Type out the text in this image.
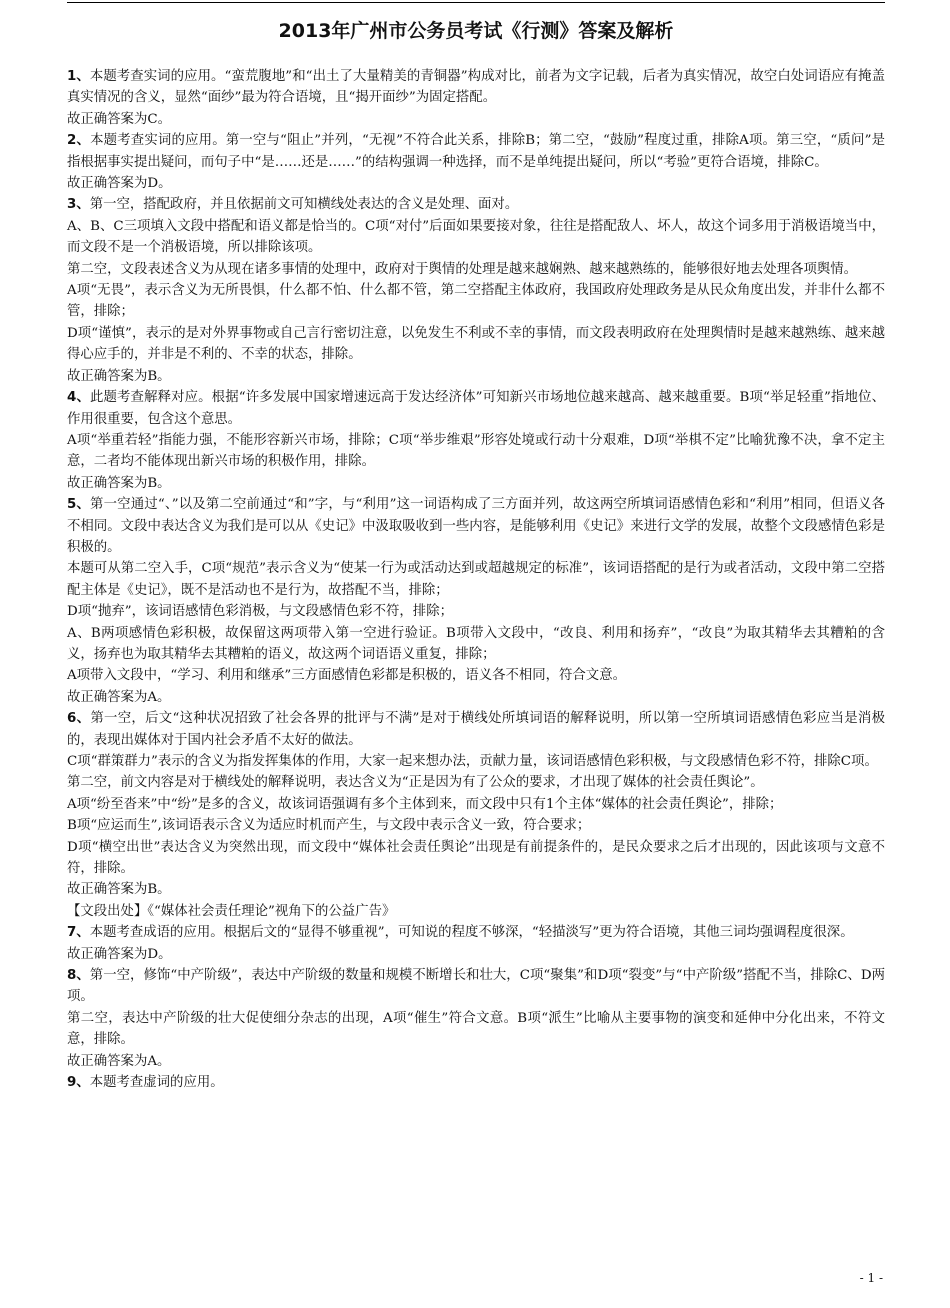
2013年广州市公务员考试《行测》答案及解析

1、本题考查实词的应用。“蛮荒腹地”和“出土了大量精美的青铜器”构成对比，前者为文字记载，后者为真实情况，故空白处词语应有掩盖真实情况的含义，显然“面纱”最为符合语境，且“揭开面纱”为固定搭配。

故正确答案为C。

2、本题考查实词的应用。第一空与“阻止”并列，“无视”不符合此关系，排除B；第二空，“鼓励”程度过重，排除A项。第三空，“质问”是指根据事实提出疑问，而句子中“是……还是……”的结构强调一种选择，而不是单纯提出疑问，所以“考验”更符合语境，排除C。

故正确答案为D。

3、第一空，搭配政府，并且依据前文可知横线处表达的含义是处理、面对。

A、B、C三项填入文段中搭配和语义都是恰当的。C项“对付”后面如果要接对象，往往是搭配敌人、坏人，故这个词多用于消极语境当中，而文段不是一个消极语境，所以排除该项。

第二空，文段表述含义为从现在诸多事情的处理中，政府对于舆情的处理是越来越娴熟、越来越熟练的，能够很好地去处理各项舆情。

A项“无畏”，表示含义为无所畏惧，什么都不怕、什么都不管，第二空搭配主体政府，我国政府处理政务是从民众角度出发，并非什么都不管，排除；

D项“谨慎”，表示的是对外界事物或自己言行密切注意，以免发生不利或不幸的事情，而文段表明政府在处理舆情时是越来越熟练、越来越得心应手的，并非是不利的、不幸的状态，排除。

故正确答案为B。

4、此题考查解释对应。根据“许多发展中国家增速远高于发达经济体”可知新兴市场地位越来越高、越来越重要。B项“举足轻重”指地位、作用很重要，包含这个意思。

A项“举重若轻”指能力强，不能形容新兴市场，排除；C项“举步维艰”形容处境或行动十分艰难，D项“举棋不定”比喻犹豫不决，拿不定主意，二者均不能体现出新兴市场的积极作用，排除。

故正确答案为B。

5、第一空通过“、”以及第二空前通过“和”字，与“利用”这一词语构成了三方面并列，故这两空所填词语感情色彩和“利用”相同，但语义各不相同。文段中表达含义为我们是可以从《史记》中汲取吸收到一些内容，是能够利用《史记》来进行文学的发展，故整个文段感情色彩是积极的。

本题可从第二空入手，C项“规范”表示含义为“使某一行为或活动达到或超越规定的标准”，该词语搭配的是行为或者活动，文段中第二空搭配主体是《史记》，既不是活动也不是行为，故搭配不当，排除；

D项“抛弃”，该词语感情色彩消极，与文段感情色彩不符，排除；

A、B两项感情色彩积极，故保留这两项带入第一空进行验证。B项带入文段中，“改良、利用和扬弃”，“改良”为取其精华去其糟粕的含义，扬弃也为取其精华去其糟粕的语义，故这两个词语语义重复，排除；

A项带入文段中，“学习、利用和继承”三方面感情色彩都是积极的，语义各不相同，符合文意。

故正确答案为A。

6、第一空，后文“这种状况招致了社会各界的批评与不满”是对于横线处所填词语的解释说明，所以第一空所填词语感情色彩应当是消极的，表现出媒体对于国内社会矛盾不太好的做法。

C项“群策群力”表示的含义为指发挥集体的作用，大家一起来想办法，贡献力量，该词语感情色彩积极，与文段感情色彩不符，排除C项。

第二空，前文内容是对于横线处的解释说明，表达含义为“正是因为有了公众的要求，才出现了媒体的社会责任舆论”。

A项“纷至沓来”中“纷”是多的含义，故该词语强调有多个主体到来，而文段中只有1个主体“媒体的社会责任舆论”，排除；

B项“应运而生”,该词语表示含义为适应时机而产生，与文段中表示含义一致，符合要求；

D项“横空出世”表达含义为突然出现，而文段中“媒体社会责任舆论”出现是有前提条件的，是民众要求之后才出现的，因此该项与文意不符，排除。

故正确答案为B。

【文段出处】《“媒体社会责任理论”视角下的公益广告》

7、本题考查成语的应用。根据后文的“显得不够重视”，可知说的程度不够深，“轻描淡写”更为符合语境，其他三词均强调程度很深。

故正确答案为D。

8、第一空，修饰“中产阶级”，表达中产阶级的数量和规模不断增长和壮大，C项“聚集”和D项“裂变”与“中产阶级”搭配不当，排除C、D两项。

第二空，表达中产阶级的壮大促使细分杂志的出现，A项“催生”符合文意。B项“派生”比喻从主要事物的演变和延伸中分化出来，不符文意，排除。

故正确答案为A。

9、本题考查虚词的应用。

- 1 -
